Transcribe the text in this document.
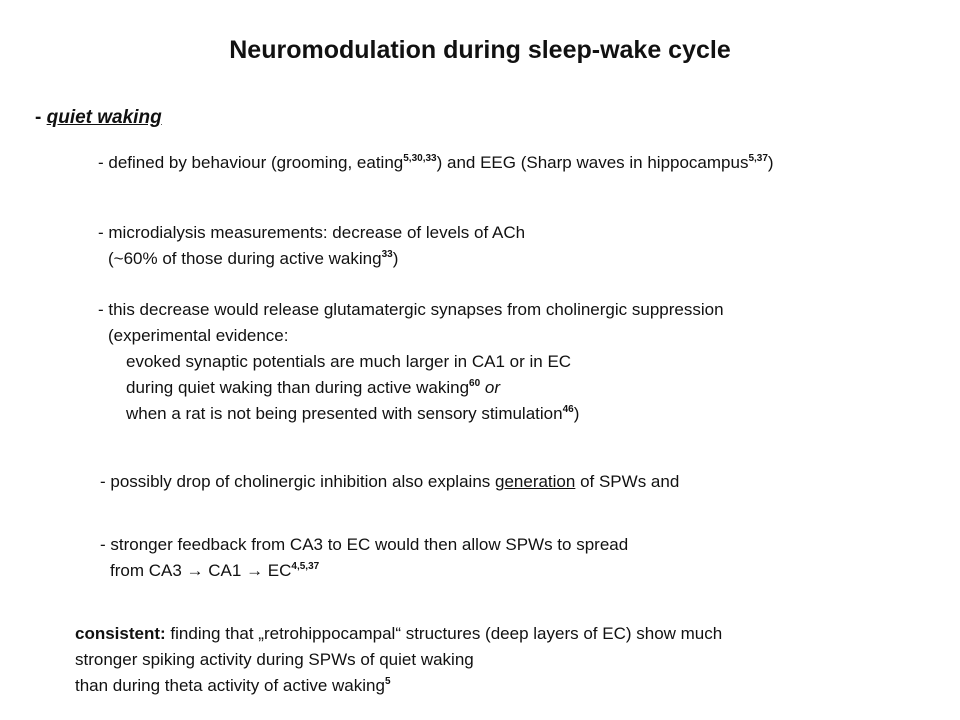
Neuromodulation during sleep-wake cycle
- quiet waking
- defined by behaviour (grooming, eating$^{5,30,33}$) and EEG (Sharp waves in hippocampus$^{5,37}$)
- microdialysis measurements: decrease of levels of ACh
(~60% of those during active waking$^{33}$)
- this decrease would release glutamatergic synapses from cholinergic suppression
(experimental evidence:
evoked synaptic potentials are much larger in CA1 or in EC
during quiet waking than during active waking$^{60}$ or
when a rat is not being presented with sensory stimulation$^{46}$)
- possibly drop of cholinergic inhibition also explains generation of SPWs and
- stronger feedback from CA3 to EC would then allow SPWs to spread
from CA3 → CA1 → EC$^{4,5,37}$
consistent: finding that „retrohippocampal“ structures (deep layers of EC) show much
stronger spiking activity during SPWs of quiet waking
than during theta activity of active waking$^5$
